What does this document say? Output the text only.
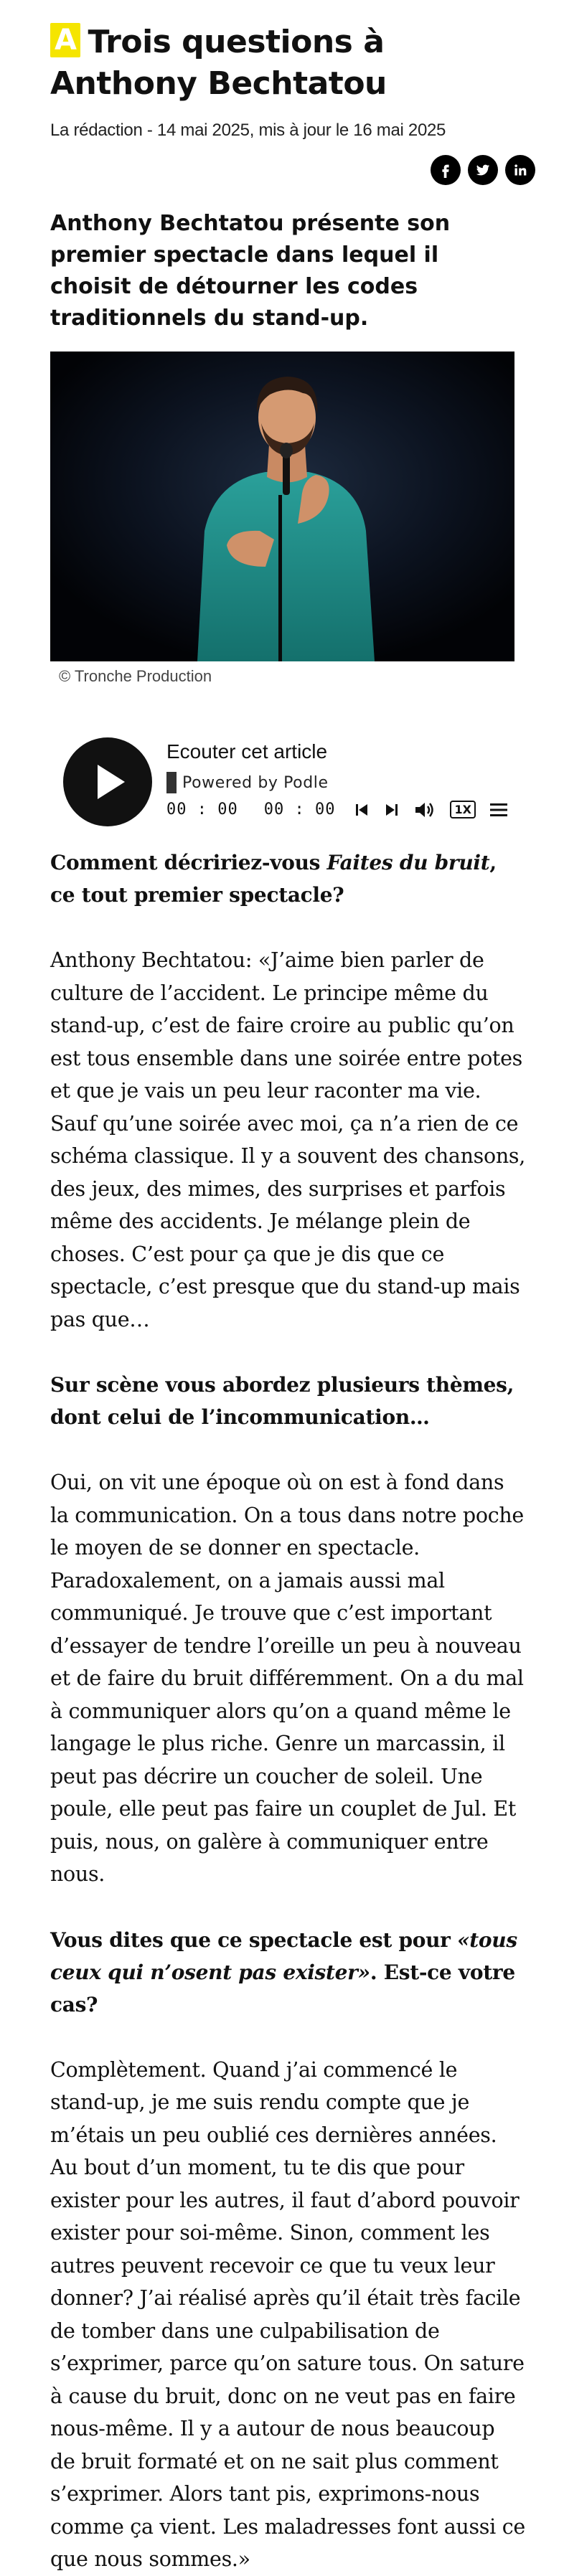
A Trois questions à Anthony Bechtatou
La rédaction - 14 mai 2025, mis à jour le 16 mai 2025

Anthony Bechtatou présente son premier spectacle dans lequel il choisit de détourner les codes traditionnels du stand-up.

© Tronche Production
Ecouter cet article
Powered by Podle
00 : 00 00 : 00	1X

Comment décririez-vous Faites du bruit, ce tout premier spectacle?

Anthony Bechtatou: «J’aime bien parler de culture de l’accident. Le principe même du stand-up, c’est de faire croire au public qu’on est tous ensemble dans une soirée entre potes et que je vais un peu leur raconter ma vie. Sauf qu’une soirée avec moi, ça n’a rien de ce schéma classique. Il y a souvent des chansons, des jeux, des mimes, des surprises et parfois même des accidents. Je mélange plein de choses. C’est pour ça que je dis que ce spectacle, c’est presque que du stand-up mais pas que…

Sur scène vous abordez plusieurs thèmes, dont celui de l’incommunication…

Oui, on vit une époque où on est à fond dans la communication. On a tous dans notre poche le moyen de se donner en spectacle. Paradoxalement, on a jamais aussi mal communiqué. Je trouve que c’est important d’essayer de tendre l’oreille un peu à nouveau et de faire du bruit différemment. On a du mal à communiquer alors qu’on a quand même le langage le plus riche. Genre un marcassin, il peut pas décrire un coucher de soleil. Une poule, elle peut pas faire un couplet de Jul. Et puis, nous, on galère à communiquer entre nous.

Vous dites que ce spectacle est pour «tous ceux qui n’osent pas exister». Est-ce votre cas?

Complètement. Quand j’ai commencé le stand-up, je me suis rendu compte que je m’étais un peu oublié ces dernières années. Au bout d’un moment, tu te dis que pour exister pour les autres, il faut d’abord pouvoir exister pour soi-même. Sinon, comment les autres peuvent recevoir ce que tu veux leur donner? J’ai réalisé après qu’il était très facile de tomber dans une culpabilisation de s’exprimer, parce qu’on sature tous. On sature à cause du bruit, donc on ne veut pas en faire nous-même. Il y a autour de nous beaucoup de bruit formaté et on ne sait plus comment s’exprimer. Alors tant pis, exprimons-nous comme ça vient. Les maladresses font aussi ce que nous sommes.»
